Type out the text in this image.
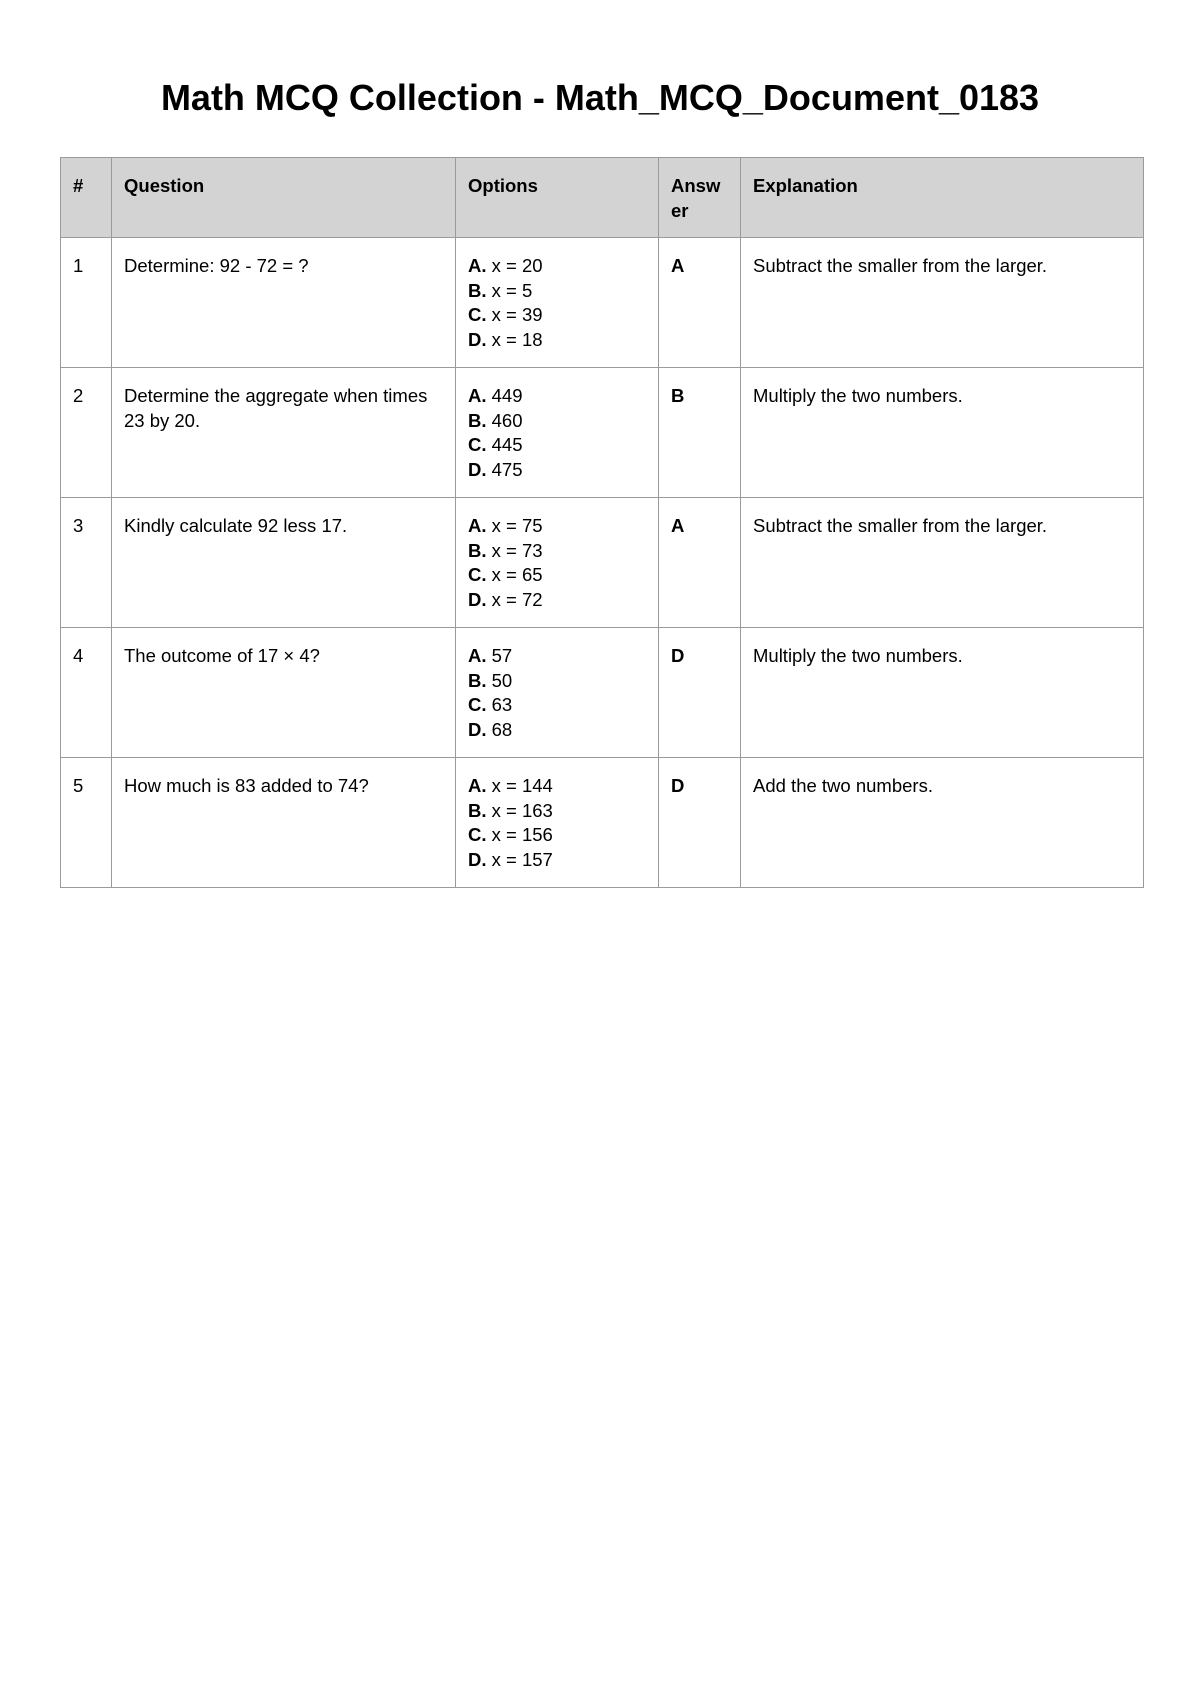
Math MCQ Collection - Math_MCQ_Document_0183
#	Question	Options	Answer	Explanation
1	Determine: 92 - 72 = ?	A. x = 20
B. x = 5
C. x = 39
D. x = 18	A	Subtract the smaller from the larger.
2	Determine the aggregate when times 23 by 20.	A. 449
B. 460
C. 445
D. 475	B	Multiply the two numbers.
3	Kindly calculate 92 less 17.	A. x = 75
B. x = 73
C. x = 65
D. x = 72	A	Subtract the smaller from the larger.
4	The outcome of 17 × 4?	A. 57
B. 50
C. 63
D. 68	D	Multiply the two numbers.
5	How much is 83 added to 74?	A. x = 144
B. x = 163
C. x = 156
D. x = 157	D	Add the two numbers.
